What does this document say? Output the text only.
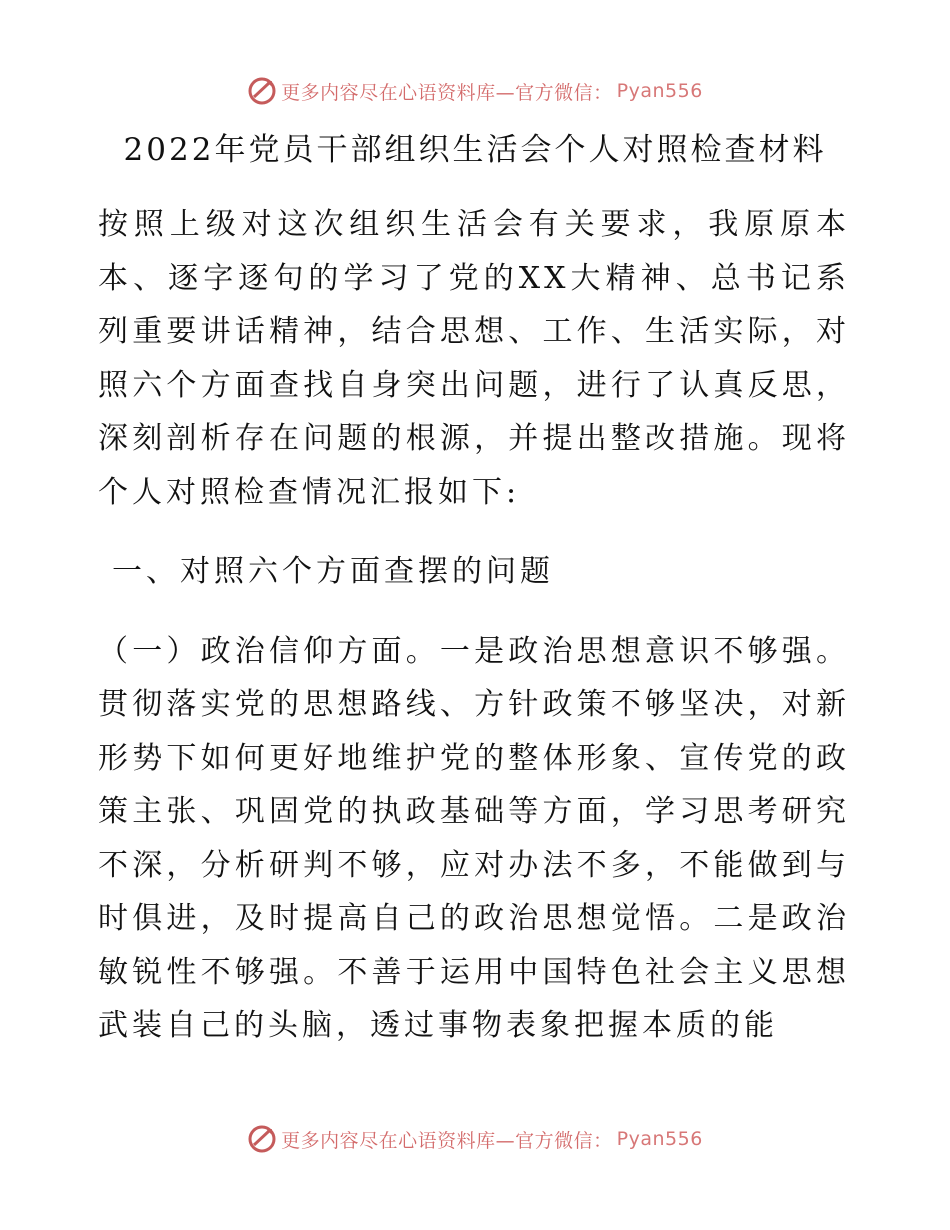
更多内容尽在心语资料库—官方微信： Pyan556
2022年党员干部组织生活会个人对照检查材料

按照上级对这次组织生活会有关要求，我原原本本、逐字逐句的学习了党的XX大精神、总书记系列重要讲话精神，结合思想、工作、生活实际，对照六个方面查找自身突出问题，进行了认真反思，深刻剖析存在问题的根源，并提出整改措施。现将个人对照检查情况汇报如下:

一、对照六个方面查摆的问题

（一）政治信仰方面。一是政治思想意识不够强。贯彻落实党的思想路线、方针政策不够坚决，对新形势下如何更好地维护党的整体形象、宣传党的政策主张、巩固党的执政基础等方面，学习思考研究不深，分析研判不够，应对办法不多，不能做到与时俱进，及时提高自己的政治思想觉悟。二是政治敏锐性不够强。不善于运用中国特色社会主义思想武装自己的头脑，透过事物表象把握本质的能

更多内容尽在心语资料库—官方微信： Pyan556
